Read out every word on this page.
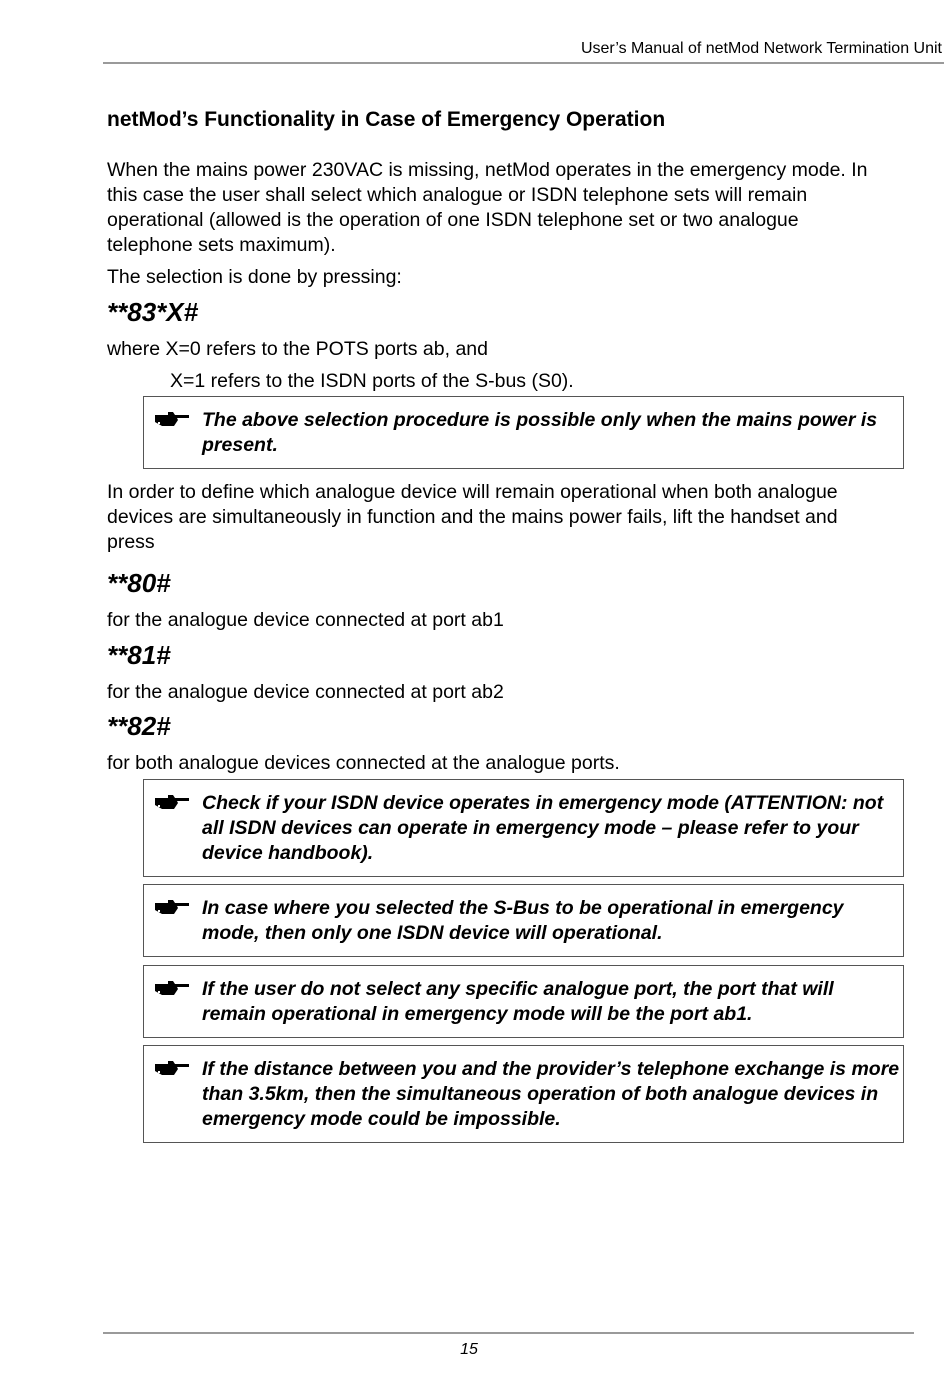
User’s Manual of netMod Network Termination Unit
netMod’s Functionality in Case of Emergency Operation
When the mains power 230VAC is missing, netMod operates in the emergency mode. In
this case the user shall select which analogue or ISDN telephone sets will remain
operational (allowed is the operation of one ISDN telephone set or two analogue
telephone sets maximum).
The selection is done by pressing:
**83*X#
where X=0 refers to the POTS ports ab, and
X=1 refers to the ISDN ports of the S-bus (S0).
The above selection procedure is possible only when the mains power is present.
In order to define which analogue device will remain operational when both analogue
devices are simultaneously in function and the mains power fails, lift the handset and
press
**80#
for the analogue device connected at port ab1
**81#
for the analogue device connected at port ab2
**82#
for both analogue devices connected at the analogue ports.
Check if your ISDN device operates in emergency mode (ATTENTION: not all ISDN devices can operate in emergency mode – please refer to your device handbook).
In case where you selected the S-Bus to be operational in emergency mode, then only one ISDN device will operational.
If the user do not select any specific analogue port, the port that will remain operational in emergency mode will be the port ab1.
If the distance between you and the provider’s telephone exchange is more than 3.5km, then the simultaneous operation of both analogue devices in emergency mode could be impossible.
15
